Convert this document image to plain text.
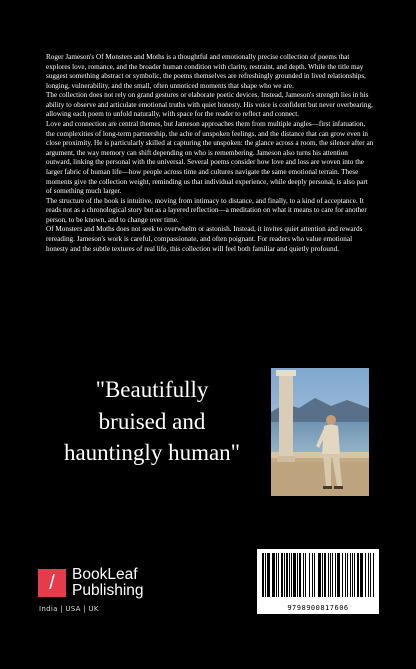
Roger Jameson's Of Monsters and Moths is a thoughtful and emotionally precise collection of poems that explores love, romance, and the broader human condition with clarity, restraint, and depth. While the title may suggest something abstract or symbolic, the poems themselves are refreshingly grounded in lived relationships, longing, vulnerability, and the small, often unnoticed moments that shape who we are.

The collection does not rely on grand gestures or elaborate poetic devices. Instead, Jameson's strength lies in his ability to observe and articulate emotional truths with quiet honesty. His voice is confident but never overbearing, allowing each poem to unfold naturally, with space for the reader to reflect and connect.

Love and connection are central themes, but Jameson approaches them from multiple angles—first infatuation, the complexities of long-term partnership, the ache of unspoken feelings, and the distance that can grow even in close proximity. He is particularly skilled at capturing the unspoken: the glance across a room, the silence after an argument, the way memory can shift depending on who is remembering. Jameson also turns his attention outward, linking the personal with the universal. Several poems consider how love and loss are woven into the larger fabric of human life—how people across time and cultures navigate the same emotional terrain. These moments give the collection weight, reminding us that individual experience, while deeply personal, is also part of something much larger.

The structure of the book is intuitive, moving from intimacy to distance, and finally, to a kind of acceptance. It reads not as a chronological story but as a layered reflection—a meditation on what it means to care for another person, to be known, and to change over time.

Of Monsters and Moths does not seek to overwhelm or astonish. Instead, it invites quiet attention and rewards rereading. Jameson's work is careful, compassionate, and often poignant. For readers who value emotional honesty and the subtle textures of real life, this collection will feel both familiar and quietly profound.

"Beautifully bruised and hauntingly human"
/	BookLeaf
Publishing
India | USA | UK	9798900817606
